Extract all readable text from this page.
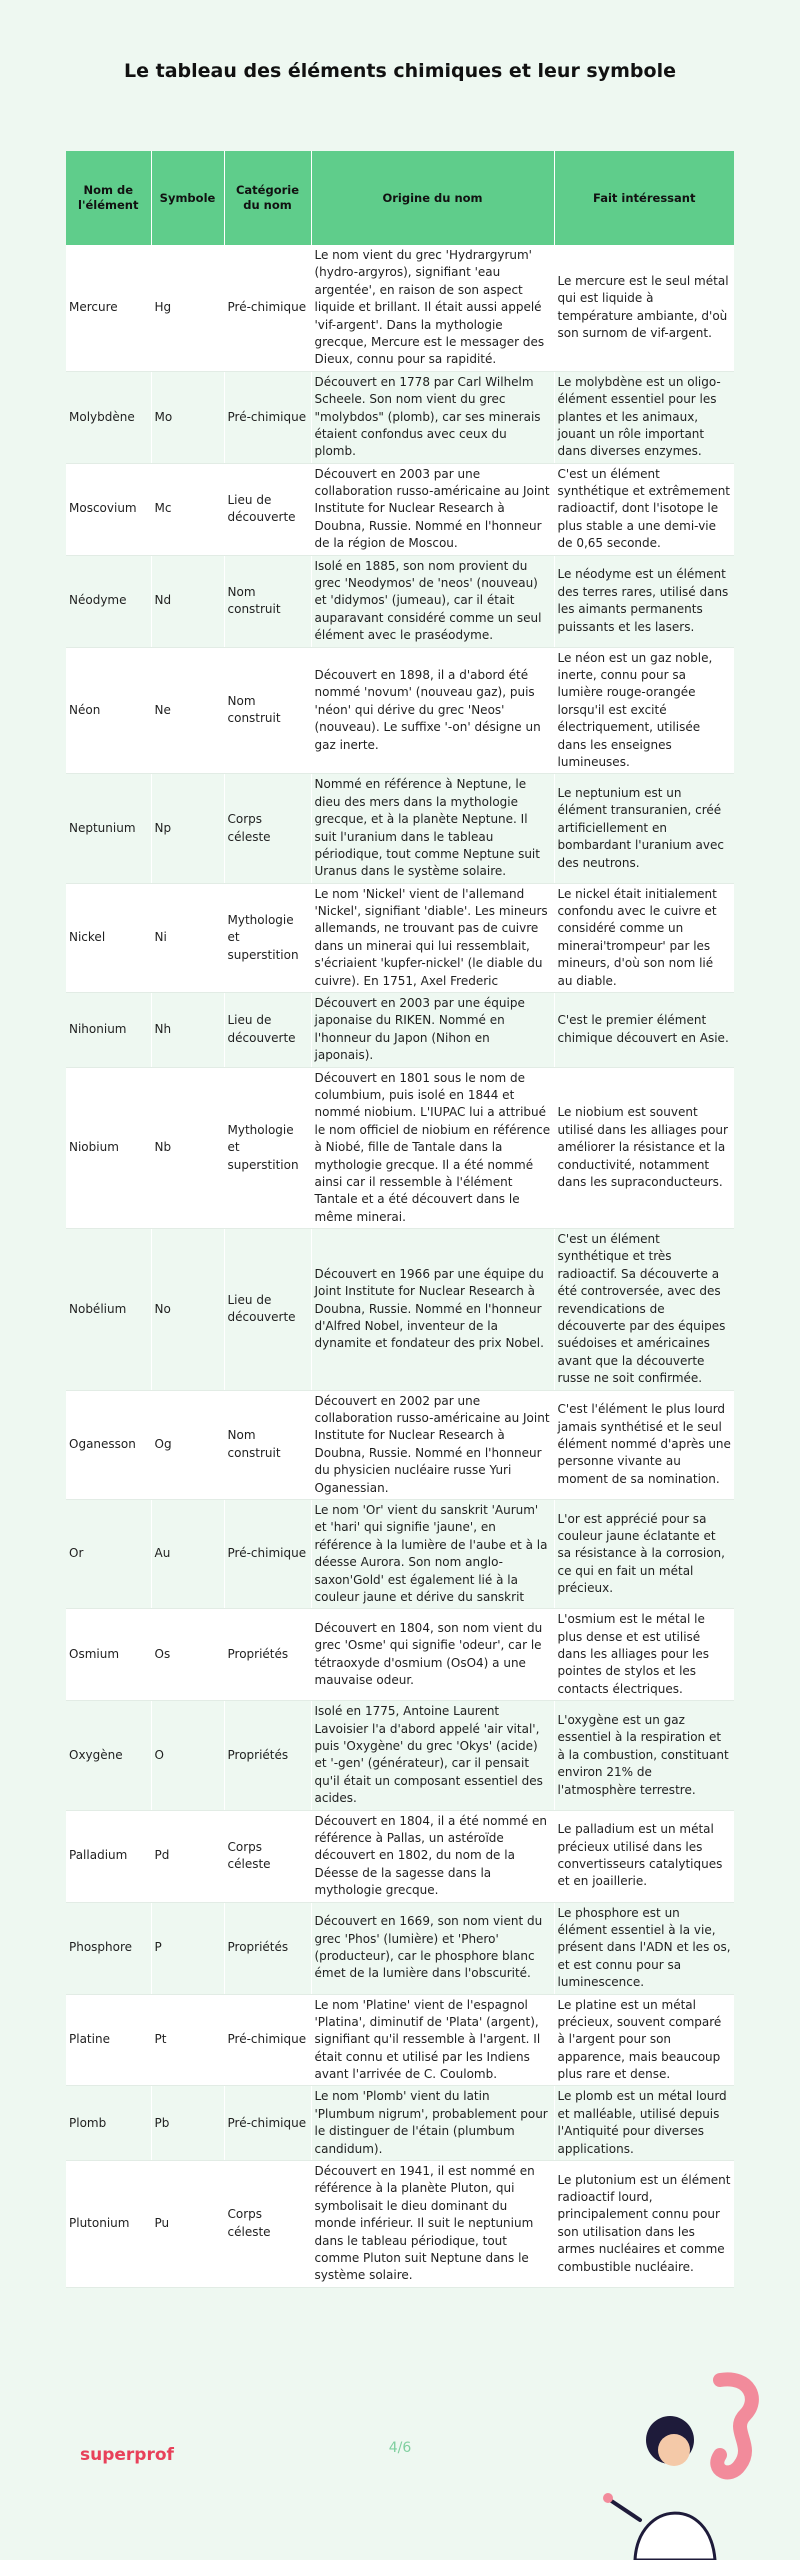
Le tableau des éléments chimiques et leur symbole
Nom de l'élément	Symbole	Catégorie du nom	Origine du nom	Fait intéressant
Mercure	Hg	Pré-chimique	Le nom vient du grec 'Hydrargyrum' (hydro-argyros), signifiant 'eau argentée', en raison de son aspect liquide et brillant. Il était aussi appelé 'vif-argent'. Dans la mythologie grecque, Mercure est le messager des Dieux, connu pour sa rapidité.	Le mercure est le seul métal qui est liquide à température ambiante, d'où son surnom de vif-argent.
Molybdène	Mo	Pré-chimique	Découvert en 1778 par Carl Wilhelm Scheele. Son nom vient du grec "molybdos" (plomb), car ses minerais étaient confondus avec ceux du plomb.	Le molybdène est un oligo-élément essentiel pour les plantes et les animaux, jouant un rôle important dans diverses enzymes.
Moscovium	Mc	Lieu de découverte	Découvert en 2003 par une collaboration russo-américaine au Joint Institute for Nuclear Research à Doubna, Russie. Nommé en l'honneur de la région de Moscou.	C'est un élément synthétique et extrêmement radioactif, dont l'isotope le plus stable a une demi-vie de 0,65 seconde.
Néodyme	Nd	Nom construit	Isolé en 1885, son nom provient du grec 'Neodymos' de 'neos' (nouveau) et 'didymos' (jumeau), car il était auparavant considéré comme un seul élément avec le praséodyme.	Le néodyme est un élément des terres rares, utilisé dans les aimants permanents puissants et les lasers.
Néon	Ne	Nom construit	Découvert en 1898, il a d'abord été nommé 'novum' (nouveau gaz), puis 'néon' qui dérive du grec 'Neos' (nouveau). Le suffixe '-on' désigne un gaz inerte.	Le néon est un gaz noble, inerte, connu pour sa lumière rouge-orangée lorsqu'il est excité électriquement, utilisée dans les enseignes lumineuses.
Neptunium	Np	Corps céleste	Nommé en référence à Neptune, le dieu des mers dans la mythologie grecque, et à la planète Neptune. Il suit l'uranium dans le tableau périodique, tout comme Neptune suit Uranus dans le système solaire.	Le neptunium est un élément transuranien, créé artificiellement en bombardant l'uranium avec des neutrons.
Nickel	Ni	Mythologie et superstition	Le nom 'Nickel' vient de l'allemand 'Nickel', signifiant 'diable'. Les mineurs allemands, ne trouvant pas de cuivre dans un minerai qui lui ressemblait, s'écriaient 'kupfer-nickel' (le diable du cuivre). En 1751, Axel Frederic	Le nickel était initialement confondu avec le cuivre et considéré comme un minerai'trompeur' par les mineurs, d'où son nom lié au diable.
Nihonium	Nh	Lieu de découverte	Découvert en 2003 par une équipe japonaise du RIKEN. Nommé en l'honneur du Japon (Nihon en japonais).	C'est le premier élément chimique découvert en Asie.
Niobium	Nb	Mythologie et superstition	Découvert en 1801 sous le nom de columbium, puis isolé en 1844 et nommé niobium. L'IUPAC lui a attribué le nom officiel de niobium en référence à Niobé, fille de Tantale dans la mythologie grecque. Il a été nommé ainsi car il ressemble à l'élément Tantale et a été découvert dans le même minerai.	Le niobium est souvent utilisé dans les alliages pour améliorer la résistance et la conductivité, notamment dans les supraconducteurs.
Nobélium	No	Lieu de découverte	Découvert en 1966 par une équipe du Joint Institute for Nuclear Research à Doubna, Russie. Nommé en l'honneur d'Alfred Nobel, inventeur de la dynamite et fondateur des prix Nobel.	C'est un élément synthétique et très radioactif. Sa découverte a été controversée, avec des revendications de découverte par des équipes suédoises et américaines avant que la découverte russe ne soit confirmée.
Oganesson	Og	Nom construit	Découvert en 2002 par une collaboration russo-américaine au Joint Institute for Nuclear Research à Doubna, Russie. Nommé en l'honneur du physicien nucléaire russe Yuri Oganessian.	C'est l'élément le plus lourd jamais synthétisé et le seul élément nommé d'après une personne vivante au moment de sa nomination.
Or	Au	Pré-chimique	Le nom 'Or' vient du sanskrit 'Aurum' et 'hari' qui signifie 'jaune', en référence à la lumière de l'aube et à la déesse Aurora. Son nom anglo-saxon'Gold' est également lié à la couleur jaune et dérive du sanskrit	L'or est apprécié pour sa couleur jaune éclatante et sa résistance à la corrosion, ce qui en fait un métal précieux.
Osmium	Os	Propriétés	Découvert en 1804, son nom vient du grec 'Osme' qui signifie 'odeur', car le tétraoxyde d'osmium (OsO4) a une mauvaise odeur.	L'osmium est le métal le plus dense et est utilisé dans les alliages pour les pointes de stylos et les contacts électriques.
Oxygène	O	Propriétés	Isolé en 1775, Antoine Laurent Lavoisier l'a d'abord appelé 'air vital', puis 'Oxygène' du grec 'Okys' (acide) et '-gen' (générateur), car il pensait qu'il était un composant essentiel des acides.	L'oxygène est un gaz essentiel à la respiration et à la combustion, constituant environ 21% de l'atmosphère terrestre.
Palladium	Pd	Corps céleste	Découvert en 1804, il a été nommé en référence à Pallas, un astéroïde découvert en 1802, du nom de la Déesse de la sagesse dans la mythologie grecque.	Le palladium est un métal précieux utilisé dans les convertisseurs catalytiques et en joaillerie.
Phosphore	P	Propriétés	Découvert en 1669, son nom vient du grec 'Phos' (lumière) et 'Phero' (producteur), car le phosphore blanc émet de la lumière dans l'obscurité.	Le phosphore est un élément essentiel à la vie, présent dans l'ADN et les os, et est connu pour sa luminescence.
Platine	Pt	Pré-chimique	Le nom 'Platine' vient de l'espagnol 'Platina', diminutif de 'Plata' (argent), signifiant qu'il ressemble à l'argent. Il était connu et utilisé par les Indiens avant l'arrivée de C. Coulomb.	Le platine est un métal précieux, souvent comparé à l'argent pour son apparence, mais beaucoup plus rare et dense.
Plomb	Pb	Pré-chimique	Le nom 'Plomb' vient du latin 'Plumbum nigrum', probablement pour le distinguer de l'étain (plumbum candidum).	Le plomb est un métal lourd et malléable, utilisé depuis l'Antiquité pour diverses applications.
Plutonium	Pu	Corps céleste	Découvert en 1941, il est nommé en référence à la planète Pluton, qui symbolisait le dieu dominant du monde inférieur. Il suit le neptunium dans le tableau périodique, tout comme Pluton suit Neptune dans le système solaire.	Le plutonium est un élément radioactif lourd, principalement connu pour son utilisation dans les armes nucléaires et comme combustible nucléaire.
superprof	4/6
